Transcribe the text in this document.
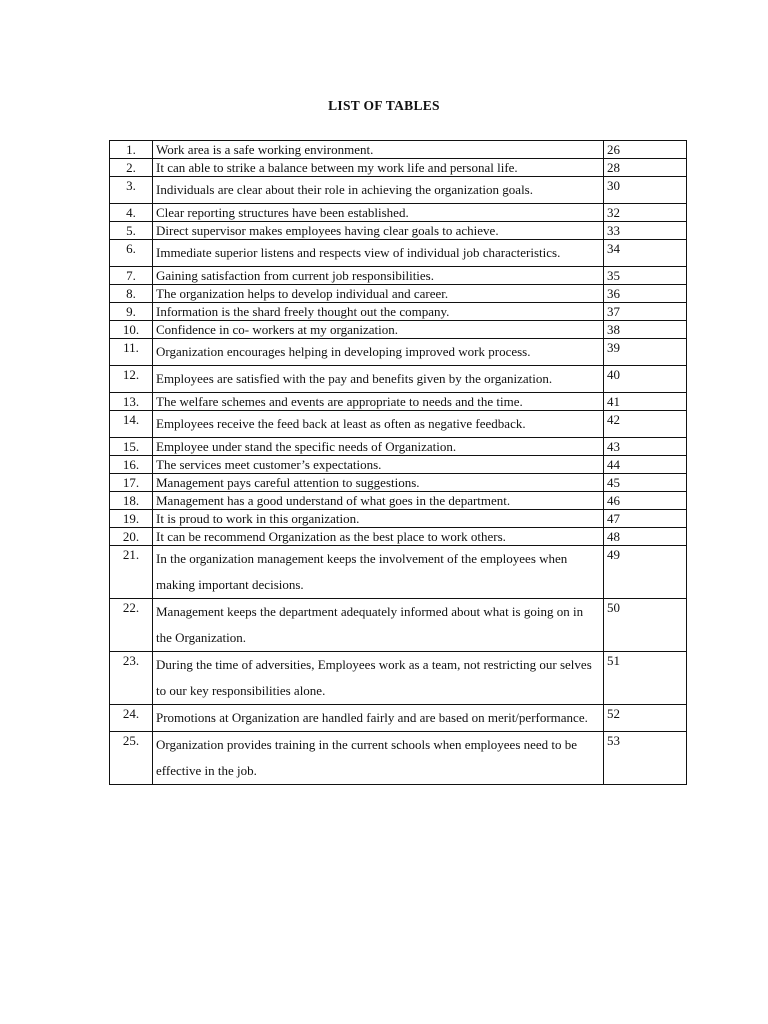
LIST OF TABLES
1.	Work area is a safe working environment.	26
2.	It can able to strike a balance between my work life and personal life.	28
3.	Individuals are clear about their role in achieving the organization goals.	30
4.	Clear reporting structures have been established.	32
5.	Direct supervisor makes employees having clear goals to achieve.	33
6.	Immediate superior listens and respects view of individual job characteristics.	34
7.	Gaining satisfaction from current job responsibilities.	35
8.	The organization helps to develop individual and career.	36
9.	Information is the shard freely thought out the company.	37
10.	Confidence in co- workers at my organization.	38
11.	Organization encourages helping in developing improved work process.	39
12.	Employees are satisfied with the pay and benefits given by the organization.	40
13.	The welfare schemes and events are appropriate to needs and the time.	41
14.	Employees receive the feed back at least as often as negative feedback.	42
15.	Employee under stand the specific needs of Organization.	43
16.	The services meet customer’s expectations.	44
17.	Management pays careful attention to suggestions.	45
18.	Management has a good understand of what goes in the department.	46
19.	It is proud to work in this organization.	47
20.	It can be recommend Organization as the best place to work others.	48
21.	In the organization management keeps the involvement of the employees when making important decisions.	49
22.	Management keeps the department adequately informed about what is going on in the Organization.	50
23.	During the time of adversities, Employees work as a team, not restricting our selves to our key responsibilities alone.	51
24.	Promotions at Organization are handled fairly and are based on merit/performance.	52
25.	Organization provides training in the current schools when employees need to be effective in the job.	53
